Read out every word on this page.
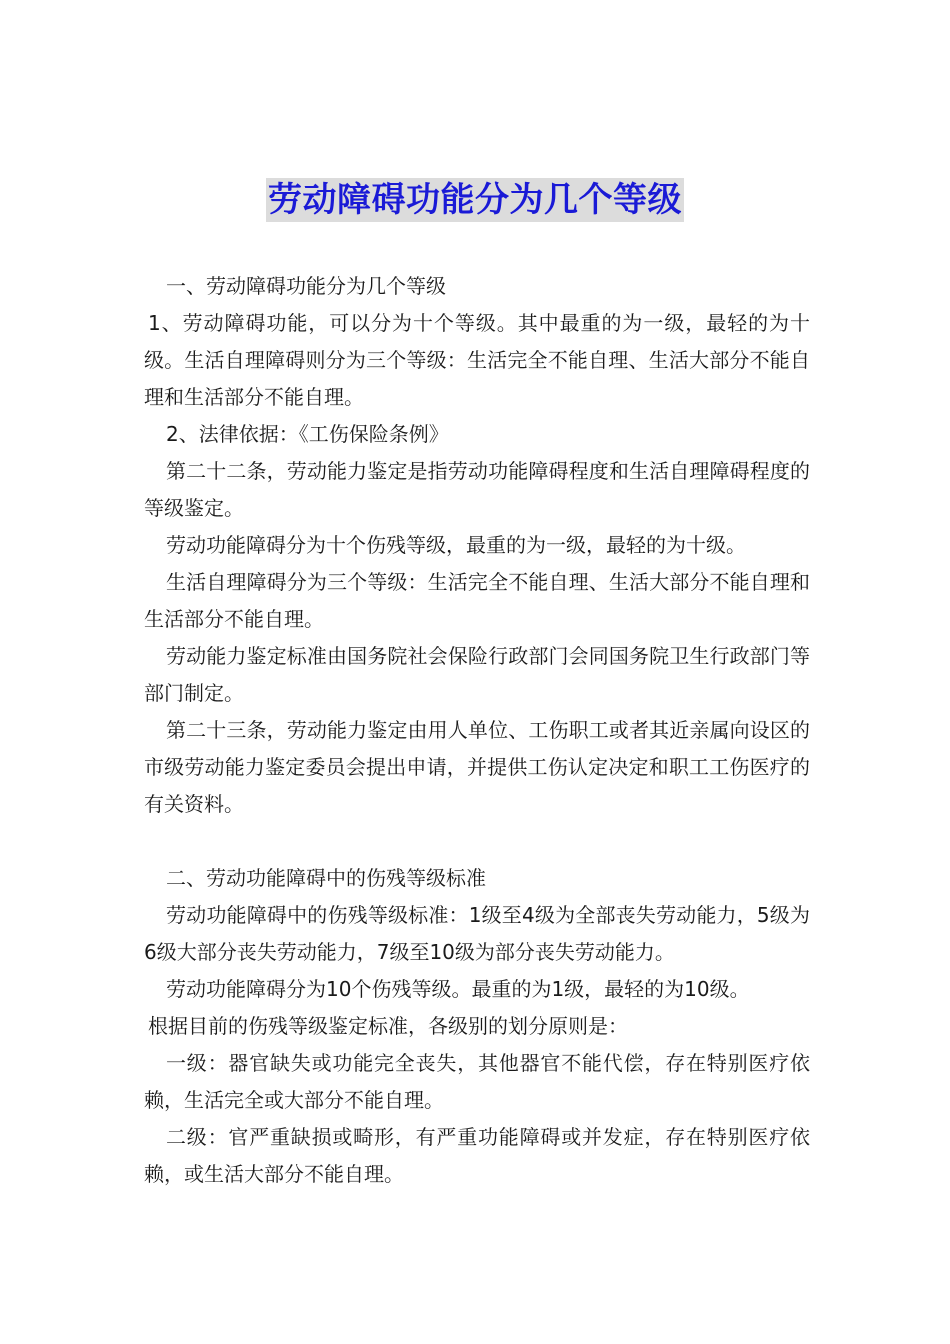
劳动障碍功能分为几个等级

一、劳动障碍功能分为几个等级

1、劳动障碍功能，可以分为十个等级。其中最重的为一级，最轻的为十级。生活自理障碍则分为三个等级：生活完全不能自理、生活大部分不能自理和生活部分不能自理。

2、法律依据：《工伤保险条例》

第二十二条，劳动能力鉴定是指劳动功能障碍程度和生活自理障碍程度的等级鉴定。

劳动功能障碍分为十个伤残等级，最重的为一级，最轻的为十级。

生活自理障碍分为三个等级：生活完全不能自理、生活大部分不能自理和生活部分不能自理。

劳动能力鉴定标准由国务院社会保险行政部门会同国务院卫生行政部门等部门制定。

第二十三条，劳动能力鉴定由用人单位、工伤职工或者其近亲属向设区的市级劳动能力鉴定委员会提出申请，并提供工伤认定决定和职工工伤医疗的有关资料。

二、劳动功能障碍中的伤残等级标准

劳动功能障碍中的伤残等级标准：1级至4级为全部丧失劳动能力，5级为6级大部分丧失劳动能力，7级至10级为部分丧失劳动能力。

劳动功能障碍分为10个伤残等级。最重的为1级，最轻的为10级。

根据目前的伤残等级鉴定标准，各级别的划分原则是：

一级：器官缺失或功能完全丧失，其他器官不能代偿，存在特别医疗依赖，生活完全或大部分不能自理。

二级：官严重缺损或畸形，有严重功能障碍或并发症，存在特别医疗依赖，或生活大部分不能自理。
